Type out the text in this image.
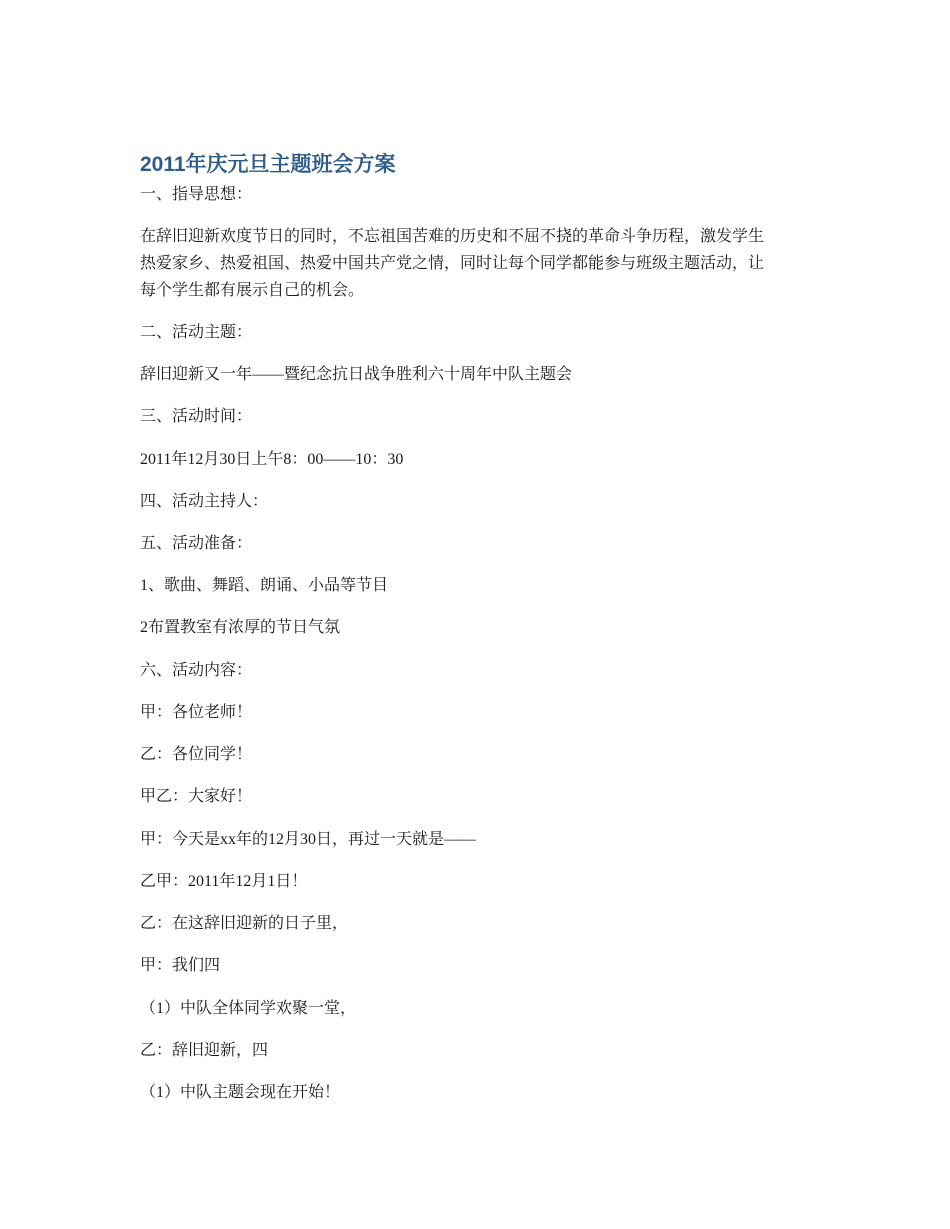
2011年庆元旦主题班会方案

一、指导思想：

在辞旧迎新欢度节日的同时，不忘祖国苦难的历史和不屈不挠的革命斗争历程，激发学生
热爱家乡、热爱祖国、热爱中国共产党之情，同时让每个同学都能参与班级主题活动，让
每个学生都有展示自己的机会。

二、活动主题：

辞旧迎新又一年——暨纪念抗日战争胜利六十周年中队主题会

三、活动时间：

2011年12月30日上午8：00——10：30

四、活动主持人：

五、活动准备：

1、歌曲、舞蹈、朗诵、小品等节目

2布置教室有浓厚的节日气氛

六、活动内容：

甲：各位老师！

乙：各位同学！

甲乙：大家好！

甲：今天是xx年的12月30日，再过一天就是——

乙甲：2011年12月1日！

乙：在这辞旧迎新的日子里，

甲：我们四

（1）中队全体同学欢聚一堂，

乙：辞旧迎新，四

（1）中队主题会现在开始！
